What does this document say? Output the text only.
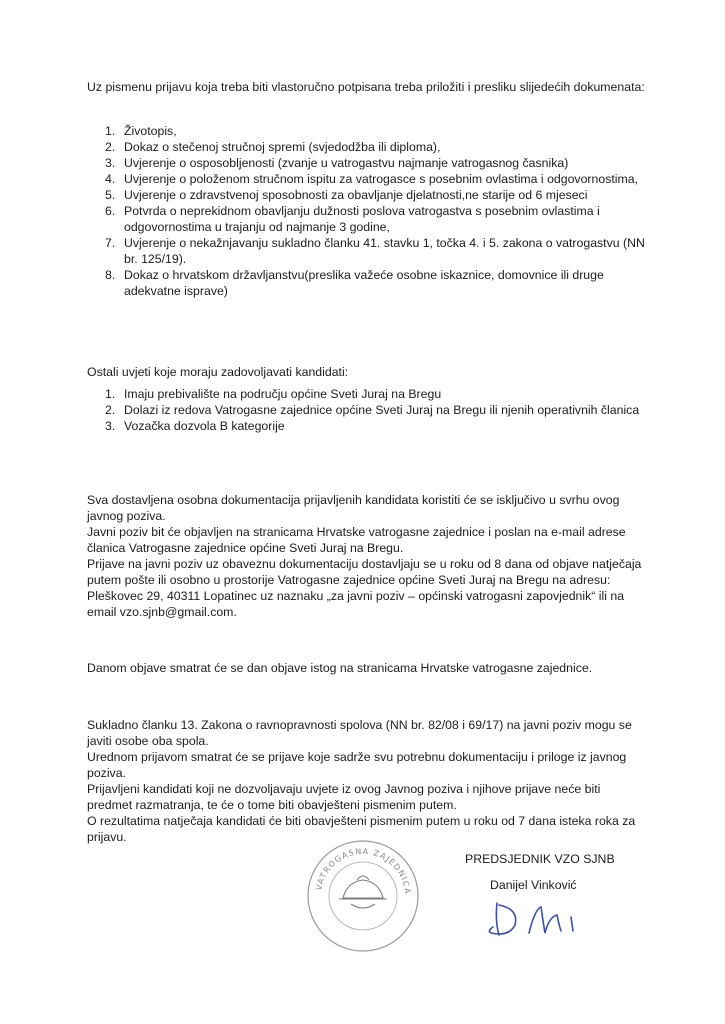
Uz pismenu prijavu koja treba biti vlastoručno potpisana treba priložiti i presliku slijedećih dokumenata:

1. Životopis,
2. Dokaz o stečenoj stručnoj spremi (svjedodžba ili diploma),
3. Uvjerenje o osposobljenosti (zvanje u vatrogastvu najmanje vatrogasnog časnika)
4. Uvjerenje o položenom stručnom ispitu za vatrogasce s posebnim ovlastima i odgovornostima,
5. Uvjerenje o zdravstvenoj sposobnosti za obavljanje djelatnosti,ne starije od 6 mjeseci
6. Potvrda o neprekidnom obavljanju dužnosti poslova vatrogastva s posebnim ovlastima i odgovornostima u trajanju od najmanje 3 godine,
7. Uvjerenje o nekažnjavanju sukladno članku 41. stavku 1, točka 4. i 5. zakona o vatrogastvu (NN br. 125/19).
8. Dokaz o hrvatskom državljanstvu(preslika važeće osobne iskaznice, domovnice ili druge adekvatne isprave)

Ostali uvjeti koje moraju zadovoljavati kandidati:

1. Imaju prebivalište na području općine Sveti Juraj na Bregu
2. Dolazi iz redova Vatrogasne zajednice općine Sveti Juraj na Bregu ili njenih operativnih članica
3. Vozačka dozvola B kategorije

Sva dostavljena osobna dokumentacija prijavljenih kandidata koristiti će se isključivo u svrhu ovog javnog poziva.

Javni poziv bit će objavljen na stranicama Hrvatske vatrogasne zajednice i poslan na e-mail adrese članica Vatrogasne zajednice općine Sveti Juraj na Bregu.

Prijave na javni poziv uz obaveznu dokumentaciju dostavljaju se u roku od 8 dana od objave natječaja putem pošte ili osobno u prostorije Vatrogasne zajednice općine Sveti Juraj na Bregu na adresu: Pleškovec 29, 40311 Lopatinec uz naznaku „za javni poziv – općinski vatrogasni zapovjednik“ ili na email vzo.sjnb@gmail.com.

Danom objave smatrat će se dan objave istog na stranicama Hrvatske vatrogasne zajednice.

Sukladno članku 13. Zakona o ravnopravnosti spolova (NN br. 82/08 i 69/17) na javni poziv mogu se javiti osobe oba spola.

Urednom prijavom smatrat će se prijave koje sadrže svu potrebnu dokumentaciju i priloge iz javnog poziva.

Prijavljeni kandidati koji ne dozvoljavaju uvjete iz ovog Javnog poziva i njihove prijave neće biti predmet razmatranja, te će o tome biti obavješteni pismenim putem.

O rezultatima natječaja kandidati će biti obavješteni pismenim putem u roku od 7 dana isteka roka za prijavu.

VATROGASNA ZAJEDNICA

PREDSJEDNIK VZO SJNB

Danijel Vinković
